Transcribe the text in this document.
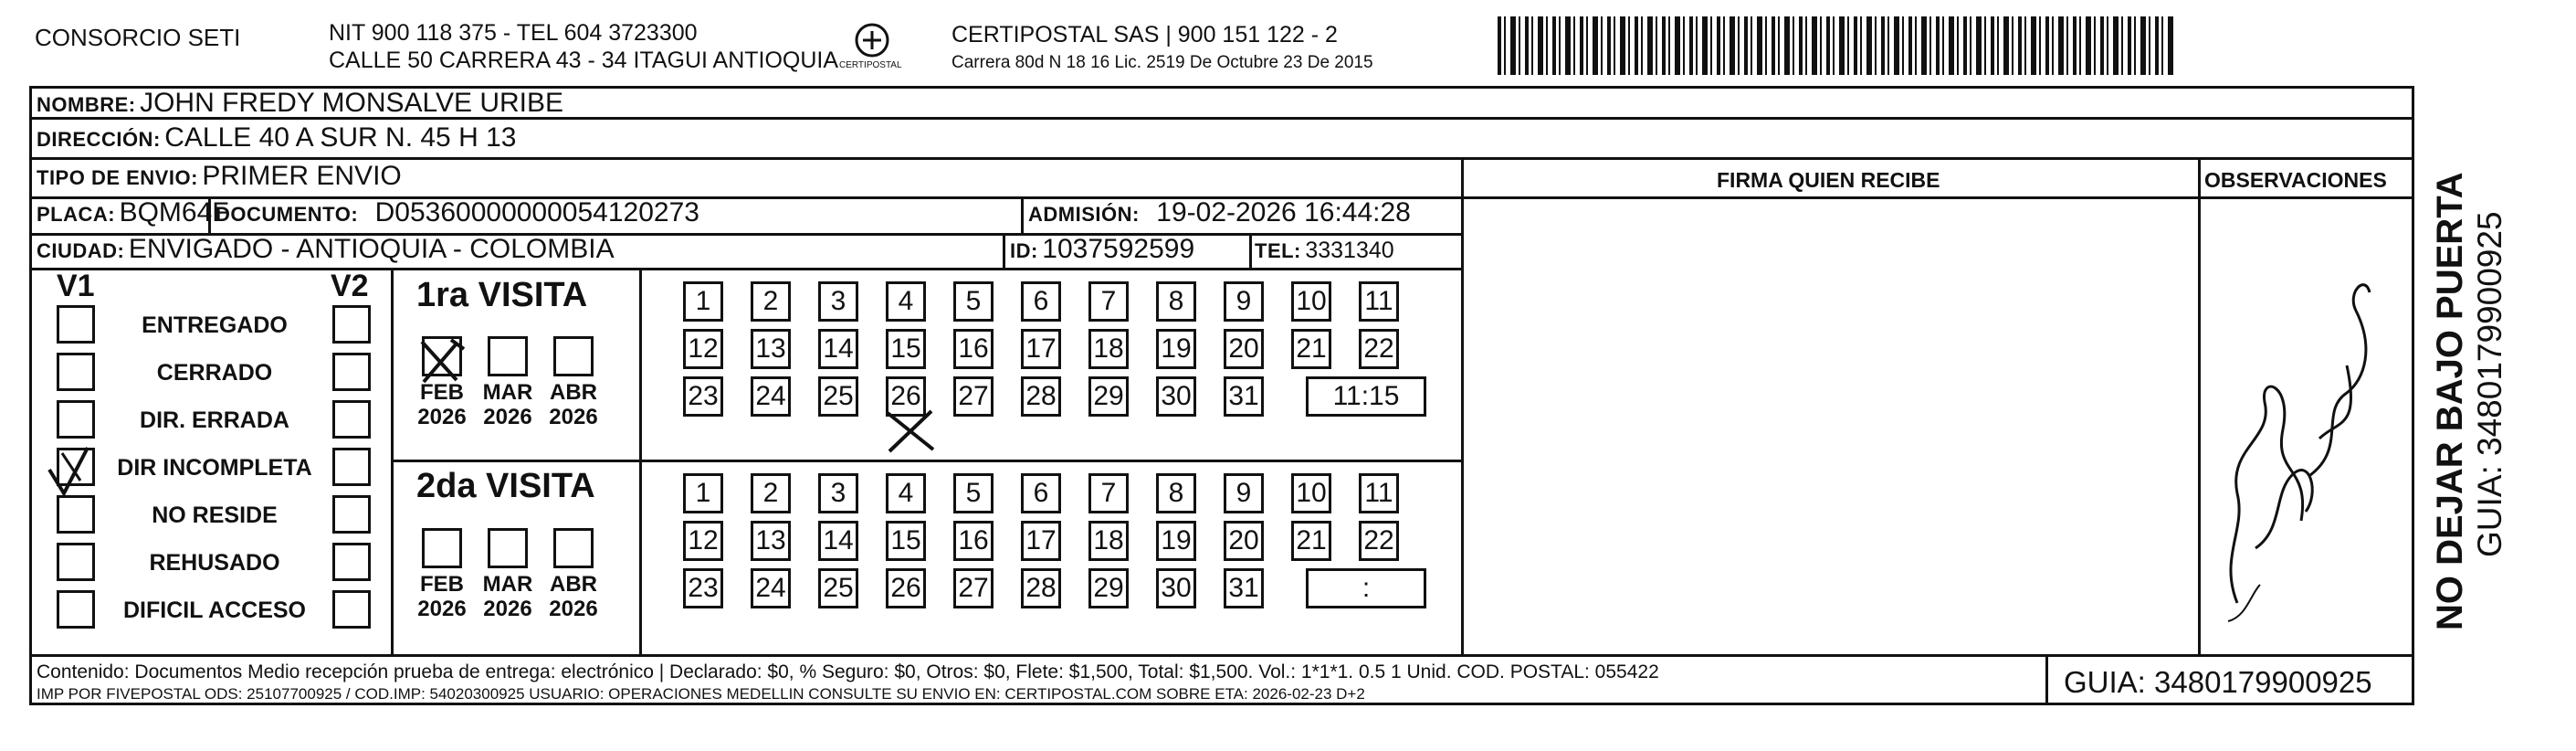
CONSORCIO SETI	NIT 900 118 375 - TEL 604 3723300
CALLE 50 CARRERA 43 - 34 ITAGUI ANTIOQUIA CERTIPOSTAL
CERTIPOSTAL SAS | 900 151 122 - 2
Carrera 80d N 18 16 Lic. 2519 De Octubre 23 De 2015
NOMBRE: JOHN FREDY MONSALVE URIBE
DIRECCIÓN: CALLE 40 A SUR N. 45 H 13
TIPO DE ENVIO: PRIMER ENVIO	FIRMA QUIEN RECIBE	OBSERVACIONES
PLACA: BQM64F
DOCUMENTO: D05360000000054120273	ADMISIÓN: 19-02-2026 16:44:28
CIUDAD: ENVIGADO - ANTIOQUIA - COLOMBIA	ID: 1037592599	TEL: 3331340
V1	V2
ENTREGADO
CERRADO
DIR. ERRADA
DIR INCOMPLETA
NO RESIDE
REHUSADO
DIFICIL ACCESO
1ra VISITA
2da VISITA
FEB
2026
MAR
2026
ABR
2026
FEB
2026
MAR
2026
ABR
2026
1	2	3	4	5	6	7	8	9	10 11
12 13 14 15 16 17 18 19 20 21 22
23 24 25 26 27 28 29 30 31	11:15
1	2	3	4	5	6	7	8	9	10 11
12 13 14 15 16 17 18 19 20 21 22
23 24 25 26 27 28 29 30 31	:
Contenido: Documentos Medio recepción prueba de entrega: electrónico | Declarado: $0, % Seguro: $0, Otros: $0, Flete: $1,500, Total: $1,500. Vol.: 1*1*1. 0.5 1 Unid. COD. POSTAL: 055422
IMP POR FIVEPOSTAL ODS: 25107700925 / COD.IMP: 54020300925 USUARIO: OPERACIONES MEDELLIN CONSULTE SU ENVIO EN: CERTIPOSTAL.COM SOBRE ETA: 2026-02-23 D+2	GUIA: 3480179900925
NO DEJAR BAJO PUERTA GUIA: 3480179900925
